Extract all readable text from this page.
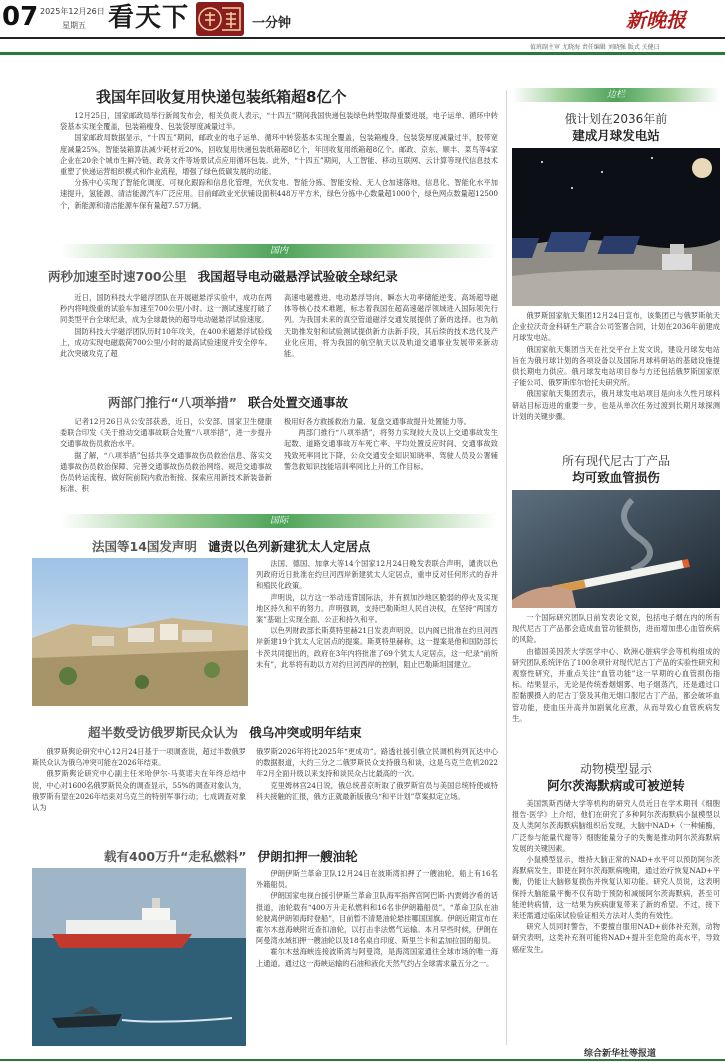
07 2025年12月26日
星期五 看天下	一分钟	新晚报
值班副主审 尤晓海 责任编辑 刘晓强 版式 关健曰
我国年回收复用快递包装纸箱超8亿个
12月25日，国家邮政局举行新闻发布会，相关负责人表示，“十四五”期间我国快递包装绿色转型取得重要进展，电子运单、循环中转袋基本实现全覆盖，包装箱瘦身、包装袋厚度减量过半。
国家邮政局数据显示，“十四五”期间，邮政业的电子运单、循环中转袋基本实现全覆盖，包装箱瘦身，包装袋厚度减量过半，胶带宽度减量25%，智能装箱算法减少耗材近20%，回收复用快递包装纸箱超8亿个，年回收复用纸箱超8亿个。邮政、京东、顺丰、菜鸟等4家企业在20余个城市生鲜冷链、政务文件等场景试点应用循环包装。此外，“十四五”期间，人工智能、移动互联网、云计算等现代信息技术重塑了快递运营组织模式和作业流程，增强了绿色低碳发展的动能。
分拣中心实现了智能化调度、可视化跟踪和信息化管理，光伏发电、智能分拣、智能安检、无人仓加速落地，信息化、智能化水平加速提升，氢能源、清洁能源汽车广泛应用。目前邮政业光伏铺设面积448万平方米，绿色分拣中心数量超1000个，绿色网点数量超12500个，新能源和清洁能源车保有量超7.57万辆。
国内
两秒加速至时速700公里 我国超导电动磁悬浮试验破全球纪录
近日，国防科技大学磁浮团队在开展磁悬浮实验中，成功在两秒内将吨级重的试验车加速至700公里/小时。这一测试速度打破了同类型平台全球纪录，成为全球最快的超导电动磁悬浮试验速度。
国防科技大学磁浮团队历时10年攻关，在400米磁悬浮试验线上，成功实现电磁载荷700公里/小时的最高试验速度并安全停车。此次突破攻克了超
高速电磁推进、电动悬浮导向、瞬态大功率储能逆变、高场超导磁体等核心技术难题，标志着我国在超高速磁浮领域进入国际领先行列。为我国未来的真空管道磁浮交通发展提供了新的选择。也为航天助推发射和试验测试提供新方法新手段，其后续的技术迭代及产业化应用，将为我国的航空航天以及轨道交通事业发展带来新动能。
两部门推行“八项举措” 联合处置交通事故
记者12月26日从公安部获悉，近日，公安部、国家卫生健康委联合印发《关于推动交通事故联合处置“八项举措”，进一步提升交通事故伤员救治水平。
据了解，“八项举措”包括共享交通事故伤员救治信息、落实交通事故伤员救治保障、完善交通事故伤员救治网络、规范交通事故伤员转运流程、做好院前院内救治衔接、探索应用新技术新装备新标准、积
极用好各方救援救治力量、复盘交通事故提升处置能力等。
两部门推行“八项举措”，将努力实现较大及以上交通事故发生起数、道路交通事故万车死亡率、平均处置反应时间、交通事故致残致死率同比下降，公众交通安全知识知晓率、驾驶人员及公署辅警急救知识技能培训率同比上升的工作目标。
国际
法国等14国发声明 谴责以色列新建犹太人定居点
法国、德国、加拿大等14个国家12月24日晚发表联合声明，谴责以色列政府近日批准在约旦河西岸新建犹太人定居点，重申反对任何形式的吞并和殖民化政策。
声明说，以方这一举动违背国际法，并有损加沙地区脆弱的停火及实现地区持久和平的努力。声明强调，支持巴勒斯坦人民自决权，在坚持“两国方案”基础上实现全面、公正和持久和平。
以色列财政部长斯莫特里赫21日发表声明说，以内阁已批准在约旦河西岸新建19个犹太人定居点的提案。斯莫特里赫称，这一提案是他和国防部长卡茨共同提出的，政府在3年内将批准了69个犹太人定居点，这一纪录“前所未有”，此举将有助以方对约旦河西岸的控制，阻止巴勒斯坦国建立。
超半数受访俄罗斯民众认为 俄乌冲突或明年结束
俄罗斯舆论研究中心12月24日基于一项调查说，超过半数俄罗斯民众认为俄乌冲突可能在2026年结束。
俄罗斯舆论研究中心副主任米哈伊尔·马莫诺夫在年终总结中说，中心对1600名俄罗斯民众的调查显示，55%的调查对象认为，俄罗斯有望在2026年结束对乌克兰的特别军事行动；七成调查对象认为
俄罗斯2026年将比2025年“更成功”。路透社援引俄立民调机构列瓦达中心的数据报道，大约三分之二俄罗斯民众支持俄乌和谈，这是乌克兰危机2022年2月全面升级以来支持和谈民众占比最高的一次。
克里姆林宫24日说，俄总统普京听取了俄罗斯官员与美国总统特使威特科夫接触的汇报，俄方正就最新版俄乌“和平计划”草案拟定立场。
载有400万升“走私燃料” 伊朗扣押一艘油轮
伊朗伊斯兰革命卫队12月24日在波斯湾扣押了一艘油轮，船上有16名外籍船员。
伊朗国家电视台援引伊斯兰革命卫队海军指挥官阿巴斯·内贾姆汐希的话报道，油轮载有“400万升走私燃料和16名非伊朗籍船员”。“革命卫队在油轮驶离伊朗领海时登船”，目前暂不清楚油轮悬挂哪国国旗。伊朗近期宣布在霍尔木兹海峡附近查扣油轮，以打击非法燃气运输。本月早些时候，伊朗在阿曼湾水域扣押一艘油轮以及18名桌自印度、斯里兰卡和孟加拉国的船员。
霍尔木兹海峡连接波斯湾与阿曼湾，是海湾国家通往全球市场的唯一海上通道。通过这一海峡运输的石油和液化天然气约占全球需求量五分之一。
边栏
俄计划在2036年前
建成月球发电站
俄罗斯国家航天集团12月24日宣布，该集团已与俄罗斯航天企业拉沃奇金科研生产联合公司签署合同，计划在2036年前建成月球发电站。
俄国家航天集团当天在社交平台上发文说，建设月球发电站旨在为俄月球计划的各项设备以及国际月球科研站的基础设施提供长期电力供应。俄月球发电站项目参与方还包括俄罗斯国家原子能公司、俄罗斯库尔恰托夫研究所。
俄国家航天集团表示，俄月球发电站项目是向永久性月球科研站目标迈进的重要一步，也是从单次任务过渡到长期月球探测计划的关键步骤。
所有现代尼古丁产品
均可致血管损伤
一个国际研究团队日前发表论文说，包括电子烟在内的所有现代尼古丁产品都会造成血管功能损伤，进而增加患心血管疾病的风险。
由德国美因茨大学医学中心、欧洲心脏病学会等机构组成的研究团队系统评估了100余项针对现代尼古丁产品的实验性研究和观察性研究，并重点关注“血管功能”这一早期的心血管损伤指标。结果显示，无论是传统香烟烟雾、电子烟蒸汽，还是通过口腔黏膜摄入的尼古丁袋及其他无烟口服尼古丁产品，都会破坏血管功能，使血压升高并加剧氧化应激，从而导致心血管疾病发生。
动物模型显示
阿尔茨海默病或可被逆转
美国凯斯西储大学等机构的研究人员近日在学术期刊《细胞报告·医学》上介绍，他们在研究了多种阿尔茨海默病小鼠模型以及人类阿尔茨海默病脑组织后发现，大脑中NAD+（一种辅酶，广泛参与能量代谢等）细胞能量分子的失衡是推动阿尔茨海默病发展的关键因素。
小鼠模型显示，维持大脑正常的NAD+水平可以预防阿尔茨海默病发生，即使在阿尔茨海默病晚期，通过治疗恢复NAD+平衡，仍能让大脑修复损伤并恢复认知功能。研究人员说，这表明保持大脑能量平衡不仅有助于预防和减缓阿尔茨海默病，甚至可能逆转病情，这一结果为疾病康复带来了新的希望。不过，接下来还需通过临床试验验证相关方法对人类的有效性。
研究人员同时警告，不要擅自服用NAD+前体补充剂，动物研究表明，这类补充剂可能将NAD+提升至危险的高水平，导致癌症发生。
综合新华社等报道
